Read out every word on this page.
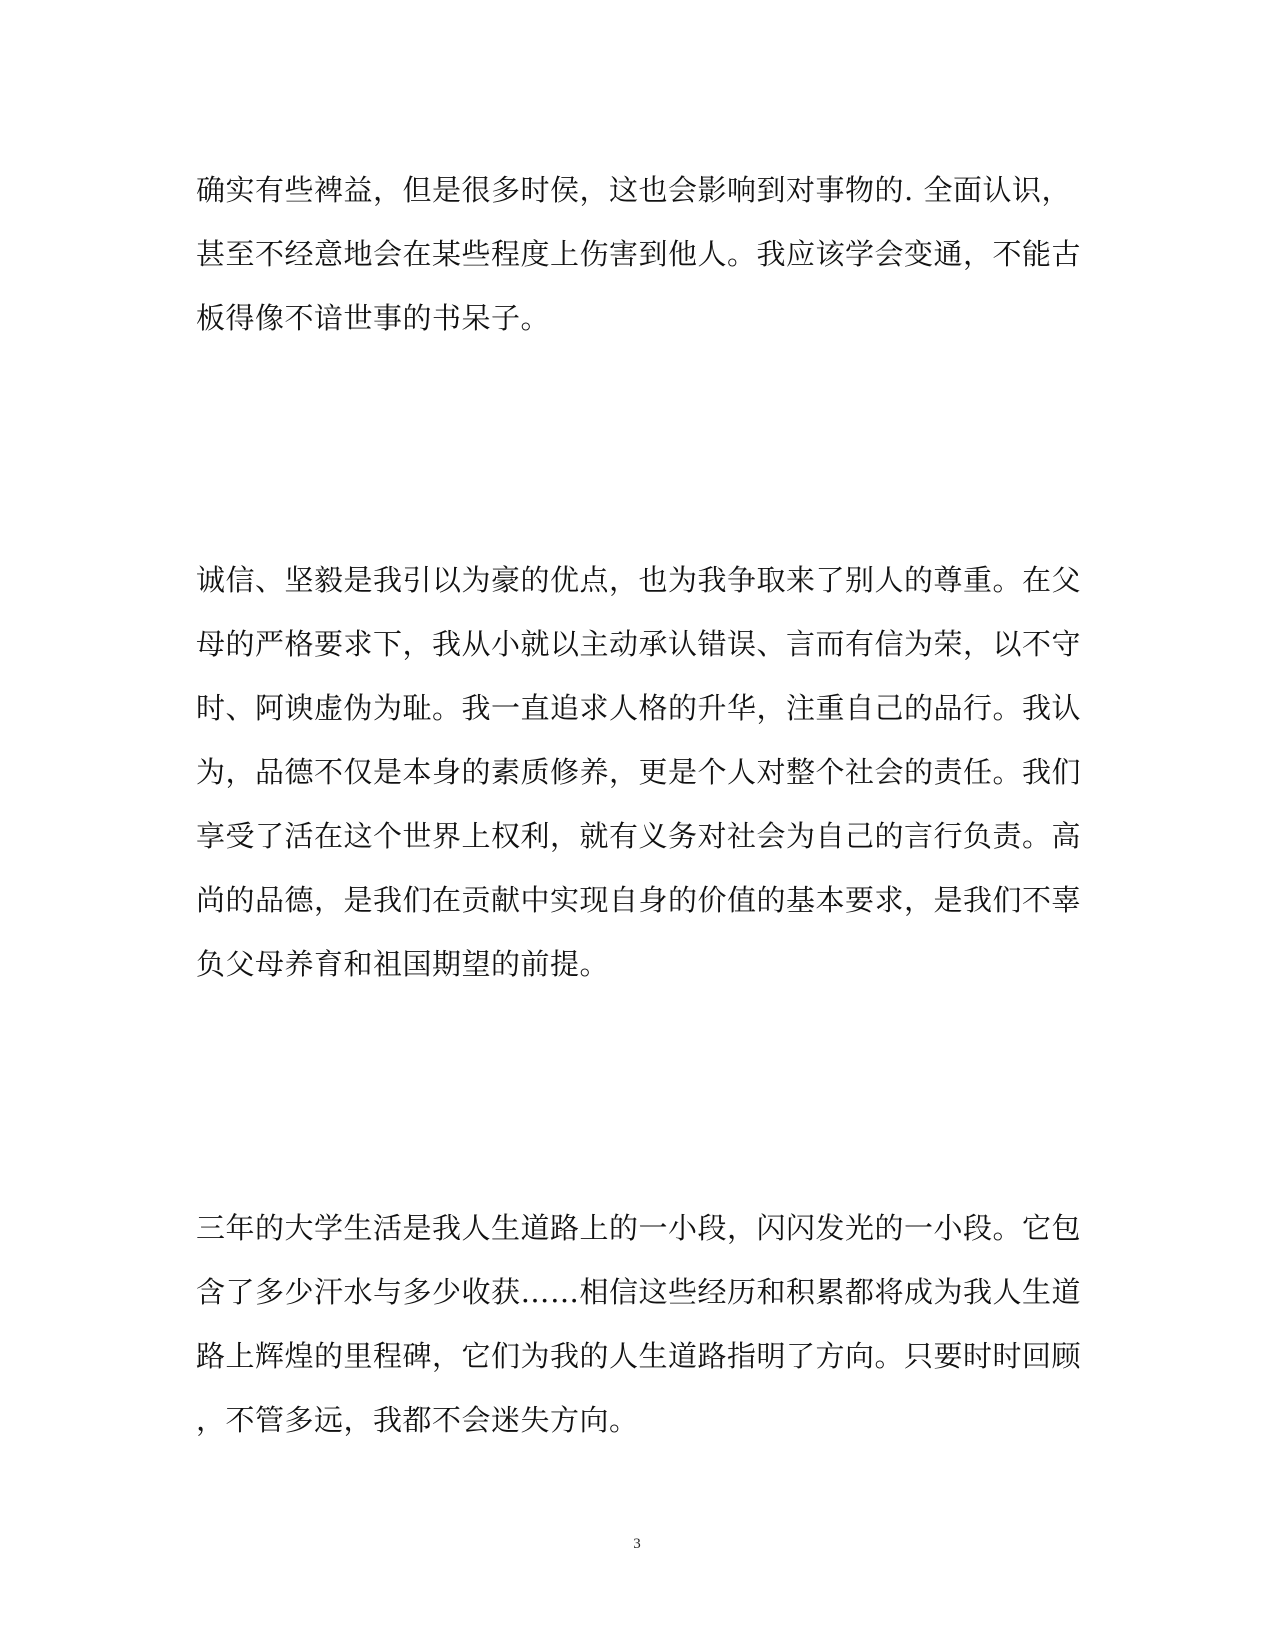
确实有些裨益，但是很多时侯，这也会影响到对事物的. 全面认识，
甚至不经意地会在某些程度上伤害到他人。我应该学会变通，不能古
板得像不谙世事的书呆子。

诚信、坚毅是我引以为豪的优点，也为我争取来了别人的尊重。在父
母的严格要求下，我从小就以主动承认错误、言而有信为荣，以不守
时、阿谀虚伪为耻。我一直追求人格的升华，注重自己的品行。我认
为，品德不仅是本身的素质修养，更是个人对整个社会的责任。我们
享受了活在这个世界上权利，就有义务对社会为自己的言行负责。高
尚的品德，是我们在贡献中实现自身的价值的基本要求，是我们不辜
负父母养育和祖国期望的前提。

三年的大学生活是我人生道路上的一小段，闪闪发光的一小段。它包
含了多少汗水与多少收获……相信这些经历和积累都将成为我人生道
路上辉煌的里程碑，它们为我的人生道路指明了方向。只要时时回顾
，不管多远，我都不会迷失方向。

3
